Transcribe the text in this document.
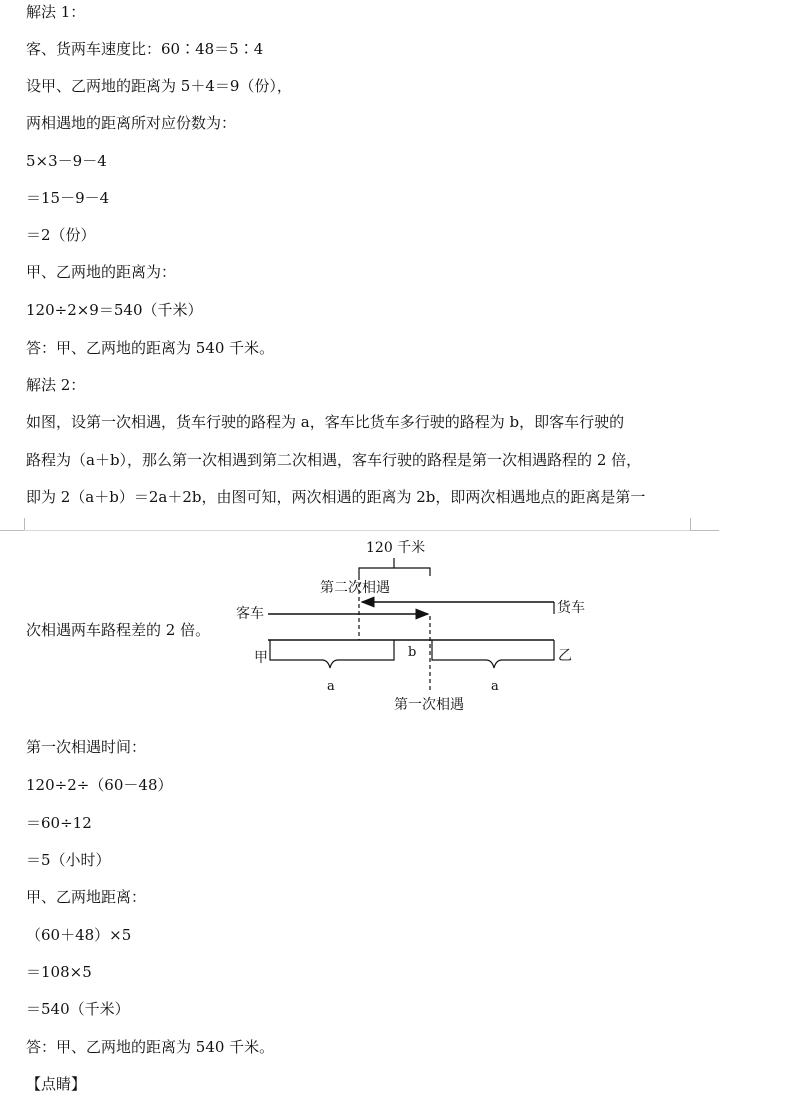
解法 1：
客、货两车速度比：60∶48＝5∶4
设甲、乙两地的距离为 5＋4＝9（份），
两相遇地的距离所对应份数为：
5×3－9－4
＝15－9－4
＝2（份）
甲、乙两地的距离为：
120÷2×9＝540（千米）
答：甲、乙两地的距离为 540 千米。
解法 2：
如图，设第一次相遇，货车行驶的路程为 a，客车比货车多行驶的路程为 b，即客车行驶的
路程为（a＋b），那么第一次相遇到第二次相遇，客车行驶的路程是第一次相遇路程的 2 倍，
即为 2（a＋b）＝2a＋2b，由图可知，两次相遇的距离为 2b，即两次相遇地点的距离是第一
次相遇两车路程差的 2 倍。
120 千米
第二次相遇
客车	货车
a	a
b
甲	乙
第一次相遇
第一次相遇时间：
120÷2÷（60－48）
＝60÷12
＝5（小时）
甲、乙两地距离：
（60＋48）×5
＝108×5
＝540（千米）
答：甲、乙两地的距离为 540 千米。
【点睛】
